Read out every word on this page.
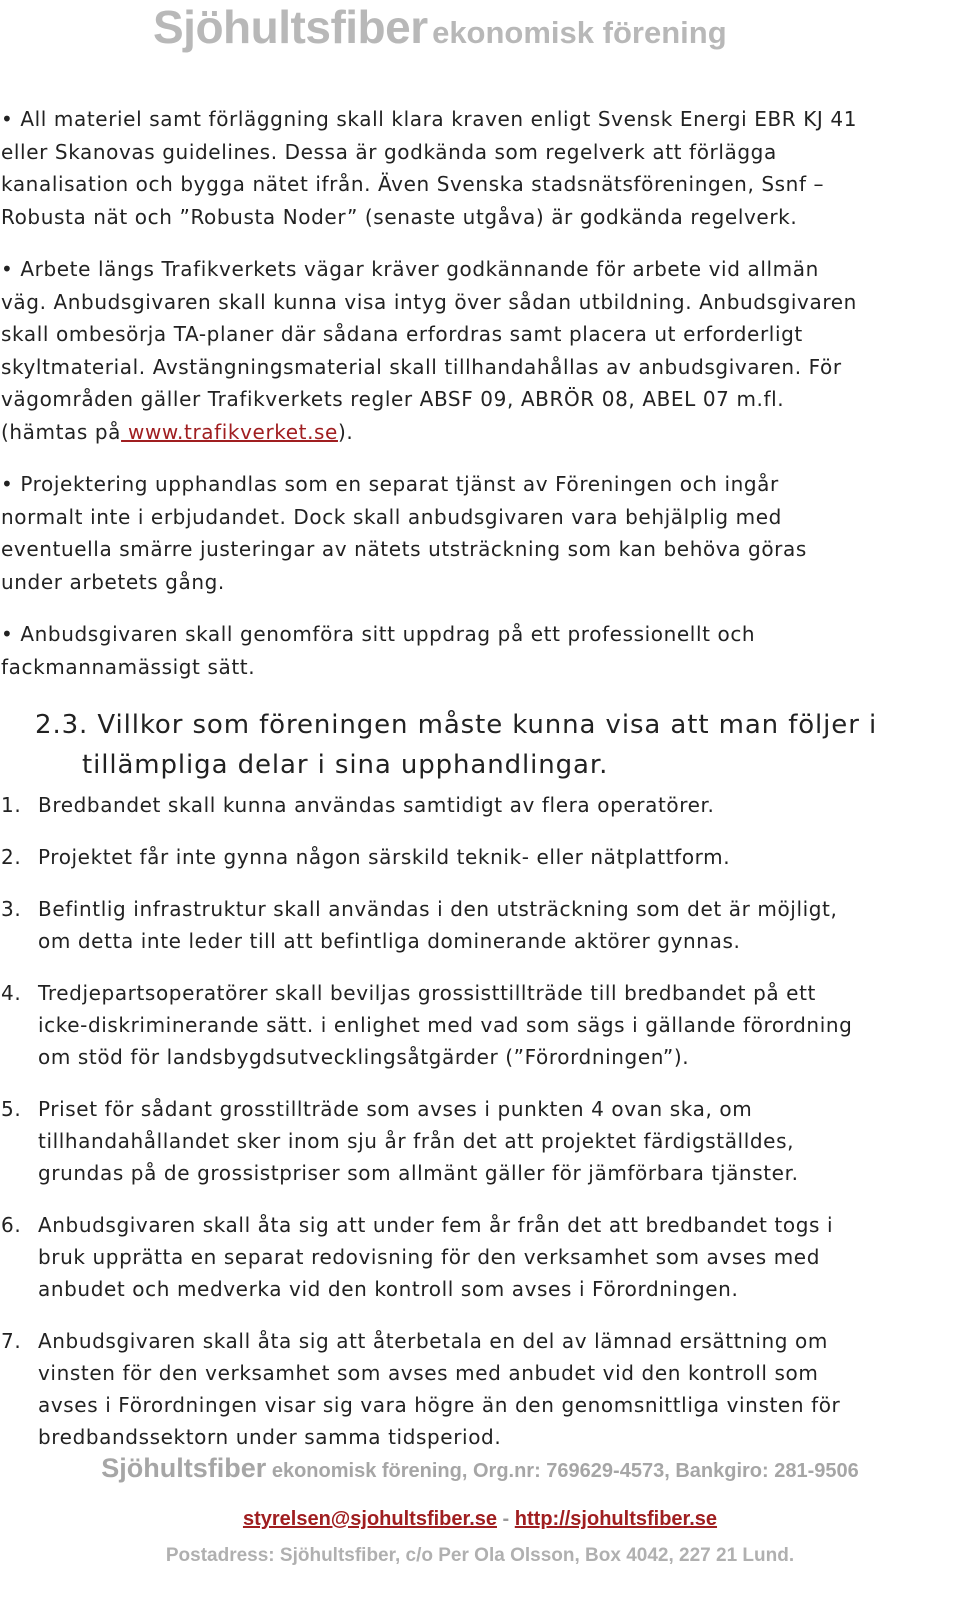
Sjöhultsfiber ekonomisk förening

• All materiel samt förläggning skall klara kraven enligt Svensk Energi EBR KJ 41
eller Skanovas guidelines. Dessa är godkända som regelverk att förlägga
kanalisation och bygga nätet ifrån. Även Svenska stadsnätsföreningen, Ssnf –
Robusta nät och ”Robusta Noder” (senaste utgåva) är godkända regelverk.

• Arbete längs Trafikverkets vägar kräver godkännande för arbete vid allmän
väg. Anbudsgivaren skall kunna visa intyg över sådan utbildning. Anbudsgivaren
skall ombesörja TA-planer där sådana erfordras samt placera ut erforderligt
skyltmaterial. Avstängningsmaterial skall tillhandahållas av anbudsgivaren. För
vägområden gäller Trafikverkets regler ABSF 09, ABRÖR 08, ABEL 07 m.fl.
(hämtas på www.trafikverket.se).

• Projektering upphandlas som en separat tjänst av Föreningen och ingår
normalt inte i erbjudandet. Dock skall anbudsgivaren vara behjälplig med
eventuella smärre justeringar av nätets utsträckning som kan behöva göras
under arbetets gång.

• Anbudsgivaren skall genomföra sitt uppdrag på ett professionellt och
fackmannamässigt sätt.

2.3. Villkor som föreningen måste kunna visa att man följer i
tillämpliga delar i sina upphandlingar.
1. Bredbandet skall kunna användas samtidigt av flera operatörer.
2. Projektet får inte gynna någon särskild teknik- eller nätplattform.
3. Befintlig infrastruktur skall användas i den utsträckning som det är möjligt,
om detta inte leder till att befintliga dominerande aktörer gynnas.
4. Tredjepartsoperatörer skall beviljas grossisttillträde till bredbandet på ett
icke-diskriminerande sätt. i enlighet med vad som sägs i gällande förordning
om stöd för landsbygdsutvecklingsåtgärder (”Förordningen”).
5. Priset för sådant grosstillträde som avses i punkten 4 ovan ska, om
tillhandahållandet sker inom sju år från det att projektet färdigställdes,
grundas på de grossistpriser som allmänt gäller för jämförbara tjänster.
6. Anbudsgivaren skall åta sig att under fem år från det att bredbandet togs i
bruk upprätta en separat redovisning för den verksamhet som avses med
anbudet och medverka vid den kontroll som avses i Förordningen.
7. Anbudsgivaren skall åta sig att återbetala en del av lämnad ersättning om
vinsten för den verksamhet som avses med anbudet vid den kontroll som
avses i Förordningen visar sig vara högre än den genomsnittliga vinsten för
bredbandssektorn under samma tidsperiod.
Sjöhultsfiber ekonomisk förening, Org.nr: 769629-4573, Bankgiro: 281-9506
styrelsen@sjohultsfiber.se - http://sjohultsfiber.se
Postadress: Sjöhultsfiber, c/o Per Ola Olsson, Box 4042, 227 21 Lund.
